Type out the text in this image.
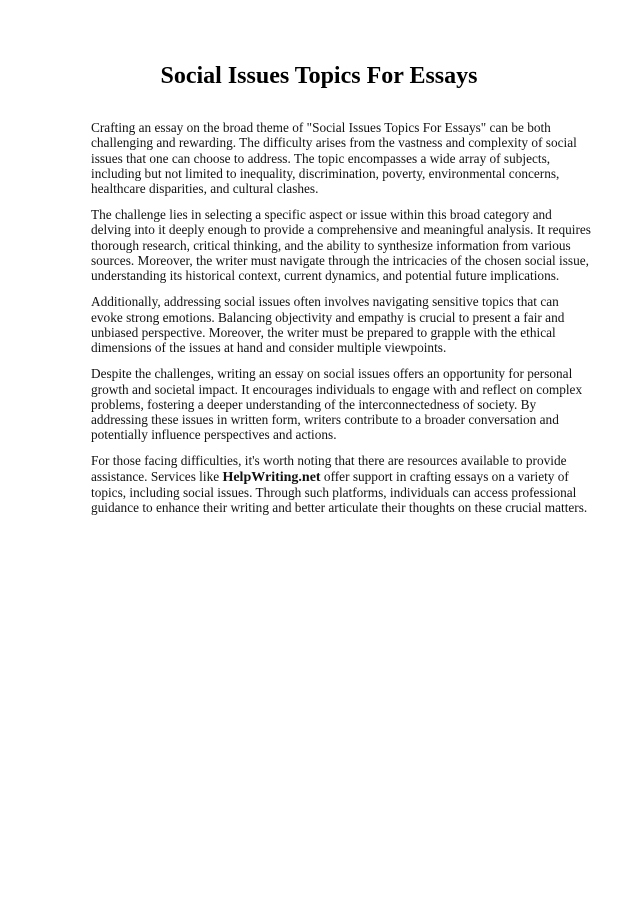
Social Issues Topics For Essays

Crafting an essay on the broad theme of "Social Issues Topics For Essays" can be both challenging and rewarding. The difficulty arises from the vastness and complexity of social issues that one can choose to address. The topic encompasses a wide array of subjects, including but not limited to inequality, discrimination, poverty, environmental concerns, healthcare disparities, and cultural clashes.

The challenge lies in selecting a specific aspect or issue within this broad category and delving into it deeply enough to provide a comprehensive and meaningful analysis. It requires thorough research, critical thinking, and the ability to synthesize information from various sources. Moreover, the writer must navigate through the intricacies of the chosen social issue, understanding its historical context, current dynamics, and potential future implications.

Additionally, addressing social issues often involves navigating sensitive topics that can evoke strong emotions. Balancing objectivity and empathy is crucial to present a fair and unbiased perspective. Moreover, the writer must be prepared to grapple with the ethical dimensions of the issues at hand and consider multiple viewpoints.

Despite the challenges, writing an essay on social issues offers an opportunity for personal growth and societal impact. It encourages individuals to engage with and reflect on complex problems, fostering a deeper understanding of the interconnectedness of society. By addressing these issues in written form, writers contribute to a broader conversation and potentially influence perspectives and actions.

For those facing difficulties, it's worth noting that there are resources available to provide assistance. Services like HelpWriting.net offer support in crafting essays on a variety of topics, including social issues. Through such platforms, individuals can access professional guidance to enhance their writing and better articulate their thoughts on these crucial matters.
